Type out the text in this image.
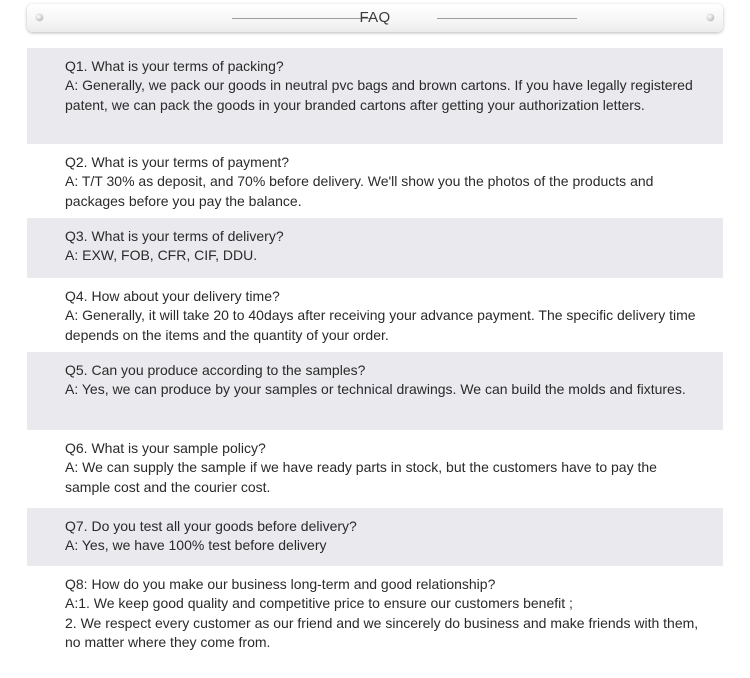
FAQ

Q1. What is your terms of packing?

A: Generally, we pack our goods in neutral pvc bags and brown cartons. If you have legally registered patent, we can pack the goods in your branded cartons after getting your authorization letters.

Q2. What is your terms of payment?

A: T/T 30% as deposit, and 70% before delivery. We'll show you the photos of the products and packages before you pay the balance.

Q3. What is your terms of delivery?

A: EXW, FOB, CFR, CIF, DDU.

Q4. How about your delivery time?

A: Generally, it will take 20 to 40days after receiving your advance payment. The specific delivery time depends on the items and the quantity of your order.

Q5. Can you produce according to the samples?

A: Yes, we can produce by your samples or technical drawings. We can build the molds and fixtures.

Q6. What is your sample policy?

A: We can supply the sample if we have ready parts in stock, but the customers have to pay the sample cost and the courier cost.

Q7. Do you test all your goods before delivery?

A: Yes, we have 100% test before delivery

Q8: How do you make our business long-term and good relationship?

A:1. We keep good quality and competitive price to ensure our customers benefit ;

2. We respect every customer as our friend and we sincerely do business and make friends with them, no matter where they come from.
